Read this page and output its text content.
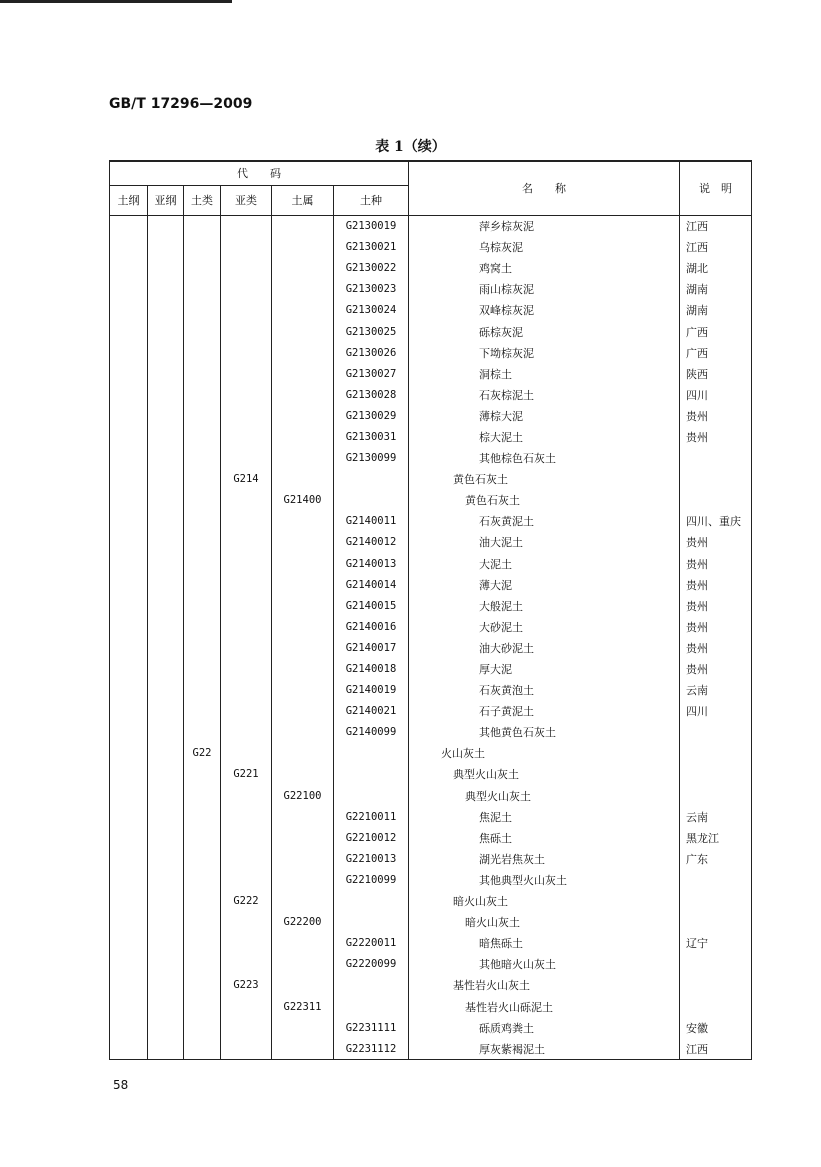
GB/T 17296—2009
表 1（续）
代　　码						名　　称	说　明
土纲	亚纲	土类	亚类	土属	土种		
					G2130019	萍乡棕灰泥	江西
					G2130021	乌棕灰泥	江西
					G2130022	鸡窝土	湖北
					G2130023	雨山棕灰泥	湖南
					G2130024	双峰棕灰泥	湖南
					G2130025	砾棕灰泥	广西
					G2130026	下坳棕灰泥	广西
					G2130027	洞棕土	陕西
					G2130028	石灰棕泥土	四川
					G2130029	薄棕大泥	贵州
					G2130031	棕大泥土	贵州
					G2130099	其他棕色石灰土	
			G214			黄色石灰土	
				G21400		黄色石灰土	
					G2140011	石灰黄泥土	四川、重庆
					G2140012	油大泥土	贵州
					G2140013	大泥土	贵州
					G2140014	薄大泥	贵州
					G2140015	大般泥土	贵州
					G2140016	大砂泥土	贵州
					G2140017	油大砂泥土	贵州
					G2140018	厚大泥	贵州
					G2140019	石灰黄泡土	云南
					G2140021	石子黄泥土	四川
					G2140099	其他黄色石灰土	
		G22				火山灰土	
			G221			典型火山灰土	
				G22100		典型火山灰土	
					G2210011	焦泥土	云南
					G2210012	焦砾土	黑龙江
					G2210013	湖光岩焦灰土	广东
					G2210099	其他典型火山灰土	
			G222			暗火山灰土	
				G22200		暗火山灰土	
					G2220011	暗焦砾土	辽宁
					G2220099	其他暗火山灰土	
			G223			基性岩火山灰土	
				G22311		基性岩火山砾泥土	
					G2231111	砾质鸡粪土	安徽
					G2231112	厚灰紫褐泥土	江西
58
